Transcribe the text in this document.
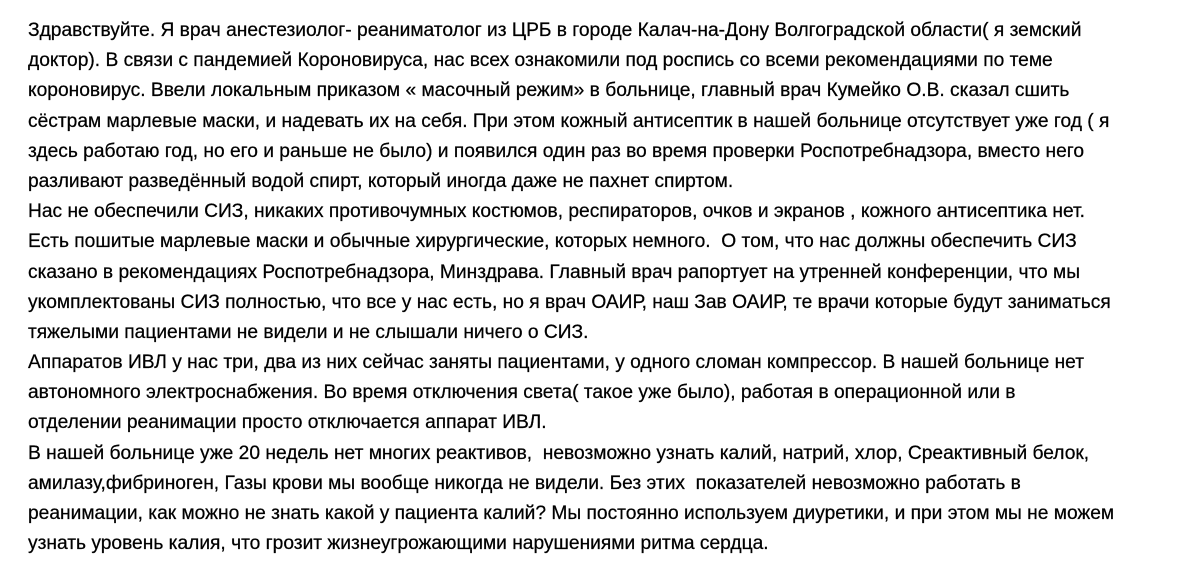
Здравствуйте. Я врач анестезиолог- реаниматолог из ЦРБ в городе Калач-на-Дону Волгоградской области( я земский
доктор). В связи с пандемией Короновируса, нас всех ознакомили под роспись со всеми рекомендациями по теме
короновирус. Ввели локальным приказом « масочный режим» в больнице, главный врач Кумейко О.В. сказал сшить
сёстрам марлевые маски, и надевать их на себя. При этом кожный антисептик в нашей больнице отсутствует уже год ( я
здесь работаю год, но его и раньше не было) и появился один раз во время проверки Роспотребнадзора, вместо него
разливают разведённый водой спирт, который иногда даже не пахнет спиртом.
Нас не обеспечили СИЗ, никаких противочумных костюмов, респираторов, очков и экранов , кожного антисептика нет.
Есть пошитые марлевые маски и обычные хирургические, которых немного.  О том, что нас должны обеспечить СИЗ
сказано в рекомендациях Роспотребнадзора, Минздрава. Главный врач рапортует на утренней конференции, что мы
укомплектованы СИЗ полностью, что все у нас есть, но я врач ОАИР, наш Зав ОАИР, те врачи которые будут заниматься
тяжелыми пациентами не видели и не слышали ничего о СИЗ.
Аппаратов ИВЛ у нас три, два из них сейчас заняты пациентами, у одного сломан компрессор. В нашей больнице нет
автономного электроснабжения. Во время отключения света( такое уже было), работая в операционной или в
отделении реанимации просто отключается аппарат ИВЛ.
В нашей больнице уже 20 недель нет многих реактивов,  невозможно узнать калий, натрий, хлор, Среактивный белок,
амилазу,фибриноген, Газы крови мы вообще никогда не видели. Без этих  показателей невозможно работать в
реанимации, как можно не знать какой у пациента калий? Мы постоянно используем диуретики, и при этом мы не можем
узнать уровень калия, что грозит жизнеугрожающими нарушениями ритма сердца.
